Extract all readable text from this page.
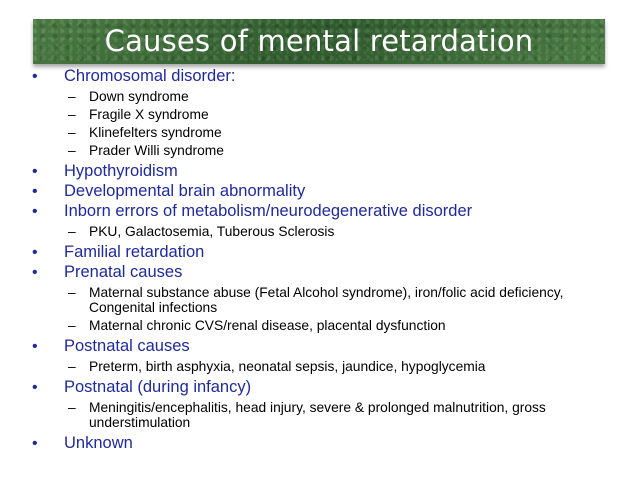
Causes of mental retardation
• Chromosomal disorder:
– Down syndrome
– Fragile X syndrome
– Klinefelters syndrome
– Prader Willi syndrome
• Hypothyroidism
• Developmental brain abnormality
• Inborn errors of metabolism/neurodegenerative disorder
– PKU, Galactosemia, Tuberous Sclerosis
• Familial retardation
• Prenatal causes
– Maternal substance abuse (Fetal Alcohol syndrome), iron/folic acid deficiency, Congenital infections
– Maternal chronic CVS/renal disease, placental dysfunction
• Postnatal causes
– Preterm, birth asphyxia, neonatal sepsis, jaundice, hypoglycemia
• Postnatal (during infancy)
– Meningitis/encephalitis, head injury, severe & prolonged malnutrition, gross understimulation
• Unknown
